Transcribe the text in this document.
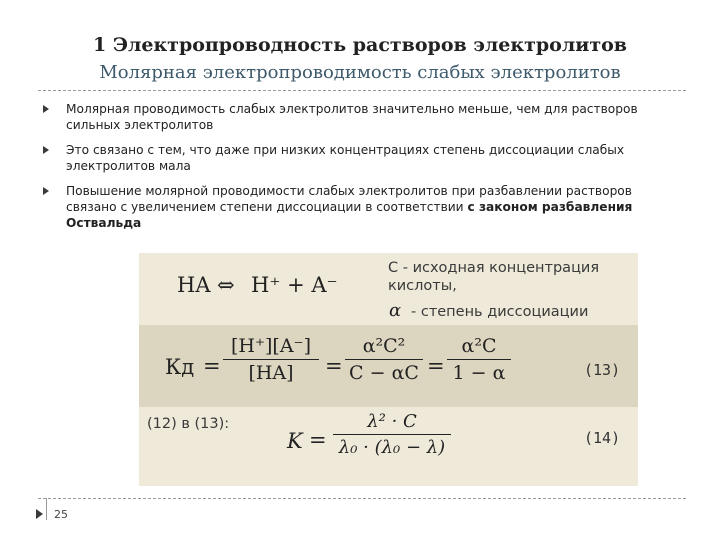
1 Электропроводность растворов электролитов
Молярная электропроводимость слабых электролитов
Молярная проводимость слабых электролитов значительно меньше, чем для растворов сильных электролитов
Это связано с тем, что даже при низких концентрациях степень диссоциации слабых электролитов мала
Повышение молярной проводимости слабых электролитов при разбавлении растворов связано с увеличением степени диссоциации в соответствии с законом разбавления Оствальда
HA ⇔ H⁺ + A⁻
C - исходная концентрация кислоты,
α - степень диссоциации
Кд = $\frac{[H^+][A^-]}{[HA]} = \frac{\text{α²C²}}{C - \alpha C} = \frac{\text{α²C}}{1 - \alpha}$	(13)
(12) в (13):
$K = \frac{\text{λ² · C}}{\text{λ₀ · (λ₀ − λ)}}$	(14)
25
